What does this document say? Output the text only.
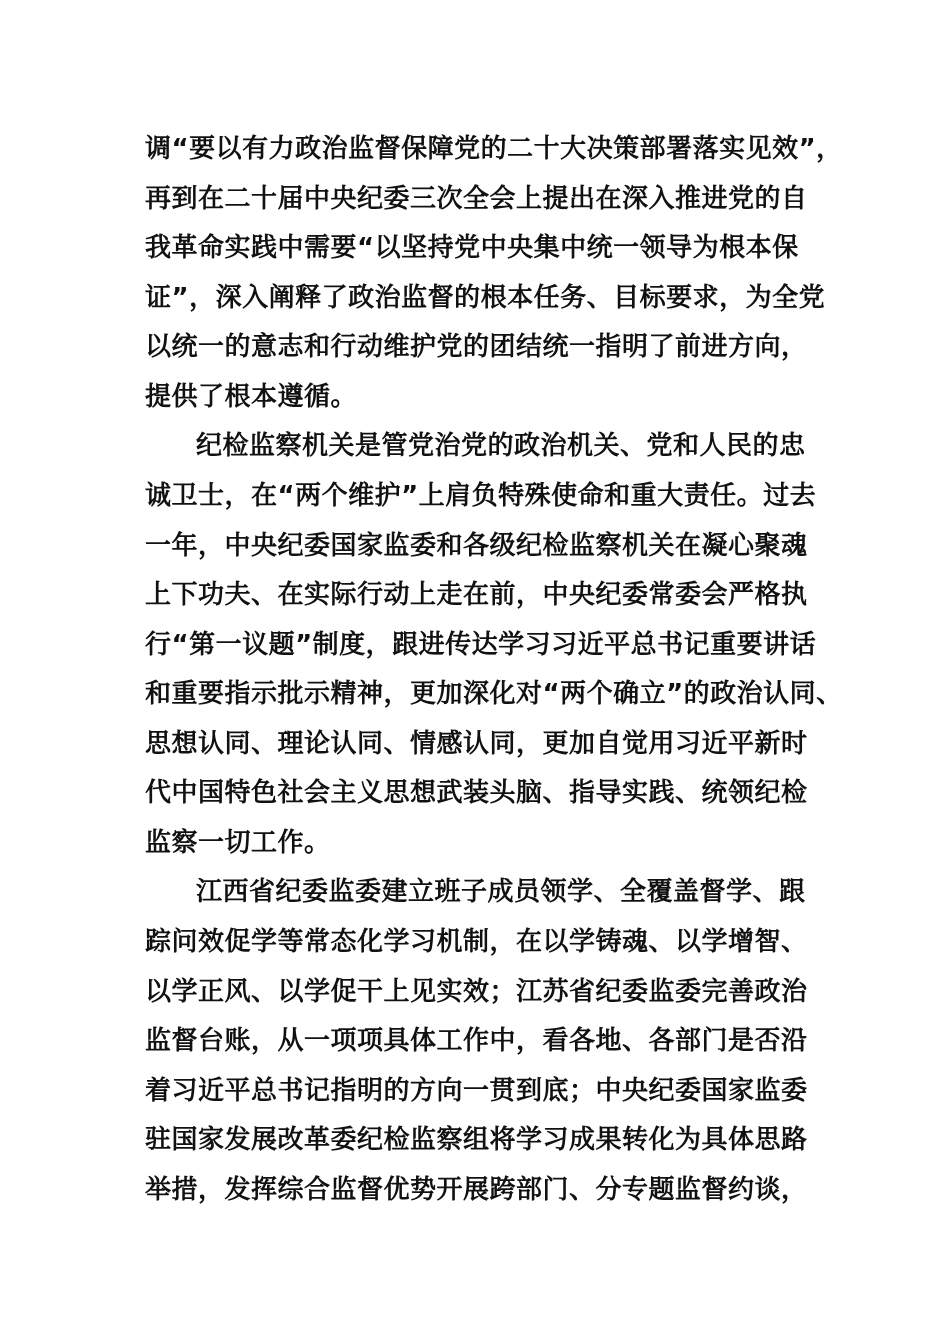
调“要以有力政治监督保障党的二十大决策部署落实见效”，
再到在二十届中央纪委三次全会上提出在深入推进党的自
我革命实践中需要“以坚持党中央集中统一领导为根本保
证”，深入阐释了政治监督的根本任务、目标要求，为全党
以统一的意志和行动维护党的团结统一指明了前进方向，
提供了根本遵循。
纪检监察机关是管党治党的政治机关、党和人民的忠
诚卫士，在“两个维护”上肩负特殊使命和重大责任。过去
一年，中央纪委国家监委和各级纪检监察机关在凝心聚魂
上下功夫、在实际行动上走在前，中央纪委常委会严格执
行“第一议题”制度，跟进传达学习习近平总书记重要讲话
和重要指示批示精神，更加深化对“两个确立”的政治认同、
思想认同、理论认同、情感认同，更加自觉用习近平新时
代中国特色社会主义思想武装头脑、指导实践、统领纪检
监察一切工作。
江西省纪委监委建立班子成员领学、全覆盖督学、跟
踪问效促学等常态化学习机制，在以学铸魂、以学增智、
以学正风、以学促干上见实效；江苏省纪委监委完善政治
监督台账，从一项项具体工作中，看各地、各部门是否沿
着习近平总书记指明的方向一贯到底；中央纪委国家监委
驻国家发展改革委纪检监察组将学习成果转化为具体思路
举措，发挥综合监督优势开展跨部门、分专题监督约谈，
